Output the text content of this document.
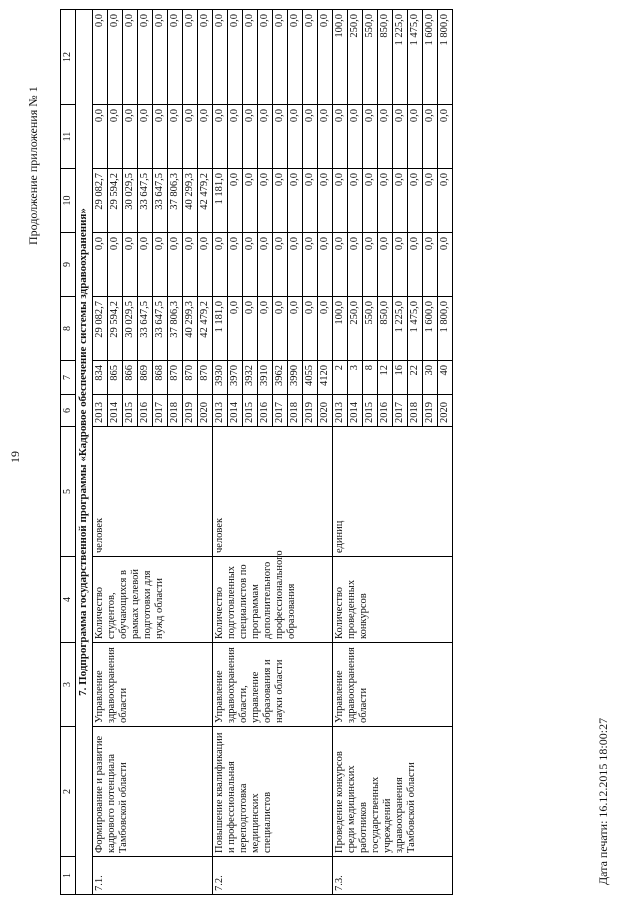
19
Продолжение приложения № 1
1	2	3	4	5	6	7	8	9	10	11	12
7. Подпрограмма государственной программы «Кадровое обеспечение системы здравоохранения»											
7.1.	Формирование и развитие кадрового потенциала Тамбовской области	Управление здравоохранения области	Количество студентов, обучающихся в рамках целевой подготовки для нужд области	человек	2013	834	29 082,7	0,0	29 082,7	0,0	0,0
					2014	865	29 594,2	0,0	29 594,2	0,0	0,0
					2015	866	30 029,5	0,0	30 029,5	0,0	0,0
					2016	869	33 647,5	0,0	33 647,5	0,0	0,0
					2017	868	33 647,5	0,0	33 647,5	0,0	0,0
					2018	870	37 806,3	0,0	37 806,3	0,0	0,0
					2019	870	40 299,3	0,0	40 299,3	0,0	0,0
					2020	870	42 479,2	0,0	42 479,2	0,0	0,0
7.2.	Повышение квалификации и профессиональная переподготовка медицинских специалистов	Управление здравоохранения области, управление образования и науки области	Количество подготовленных специалистов по программам дополнительного профессионального образования	человек	2013	3930	1 181,0	0,0	1 181,0	0,0	0,0
					2014	3970	0,0	0,0	0,0	0,0	0,0
					2015	3932	0,0	0,0	0,0	0,0	0,0
					2016	3910	0,0	0,0	0,0	0,0	0,0
					2017	3962	0,0	0,0	0,0	0,0	0,0
					2018	3990	0,0	0,0	0,0	0,0	0,0
					2019	4055	0,0	0,0	0,0	0,0	0,0
					2020	4120	0,0	0,0	0,0	0,0	0,0
7.3.	Проведение конкурсов среди медицинских работников государственных учреждений здравоохранения Тамбовской области	Управление здравоохранения области	Количество проведенных конкурсов	единиц	2013	2	100,0	0,0	0,0	0,0	100,0
					2014	3	250,0	0,0	0,0	0,0	250,0
					2015	8	550,0	0,0	0,0	0,0	550,0
					2016	12	850,0	0,0	0,0	0,0	850,0
					2017	16	1 225,0	0,0	0,0	0,0	1 225,0
					2018	22	1 475,0	0,0	0,0	0,0	1 475,0
					2019	30	1 600,0	0,0	0,0	0,0	1 600,0
					2020	40	1 800,0	0,0	0,0	0,0	1 800,0
Дата печати: 16.12.2015 18:00:27
